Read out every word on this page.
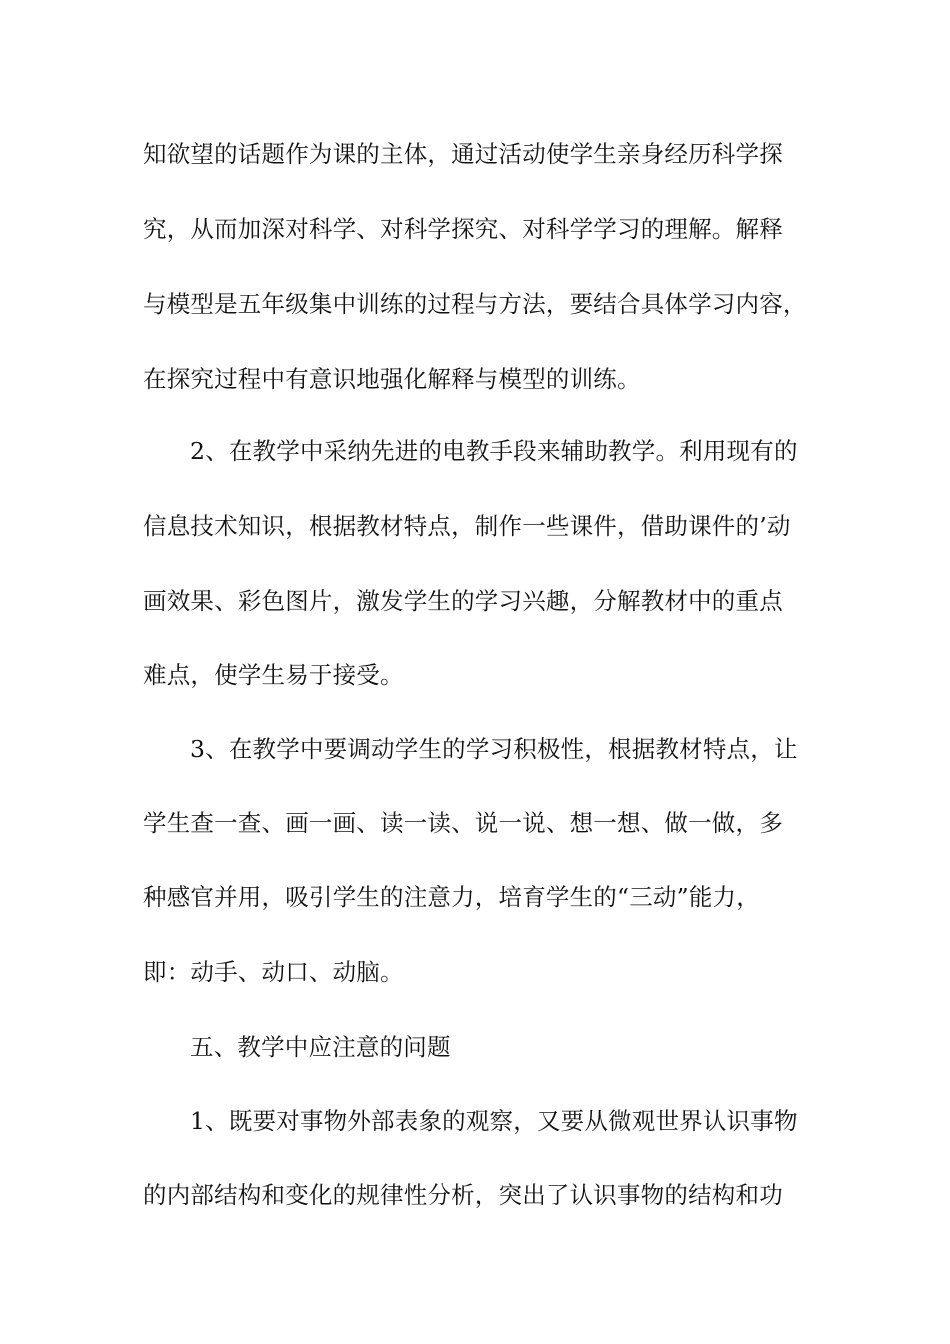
知欲望的话题作为课的主体，通过活动使学生亲身经历科学探
究，从而加深对科学、对科学探究、对科学学习的理解。解释
与模型是五年级集中训练的过程与方法，要结合具体学习内容，
在探究过程中有意识地强化解释与模型的训练。
2、在教学中采纳先进的电教手段来辅助教学。利用现有的
信息技术知识，根据教材特点，制作一些课件，借助课件的’动
画效果、彩色图片，激发学生的学习兴趣，分解教材中的重点
难点，使学生易于接受。
3、在教学中要调动学生的学习积极性，根据教材特点，让
学生查一查、画一画、读一读、说一说、想一想、做一做，多
种感官并用，吸引学生的注意力，培育学生的“三动”能力，
即：动手、动口、动脑。
五、教学中应注意的问题
1、既要对事物外部表象的观察，又要从微观世界认识事物
的内部结构和变化的规律性分析，突出了认识事物的结构和功
